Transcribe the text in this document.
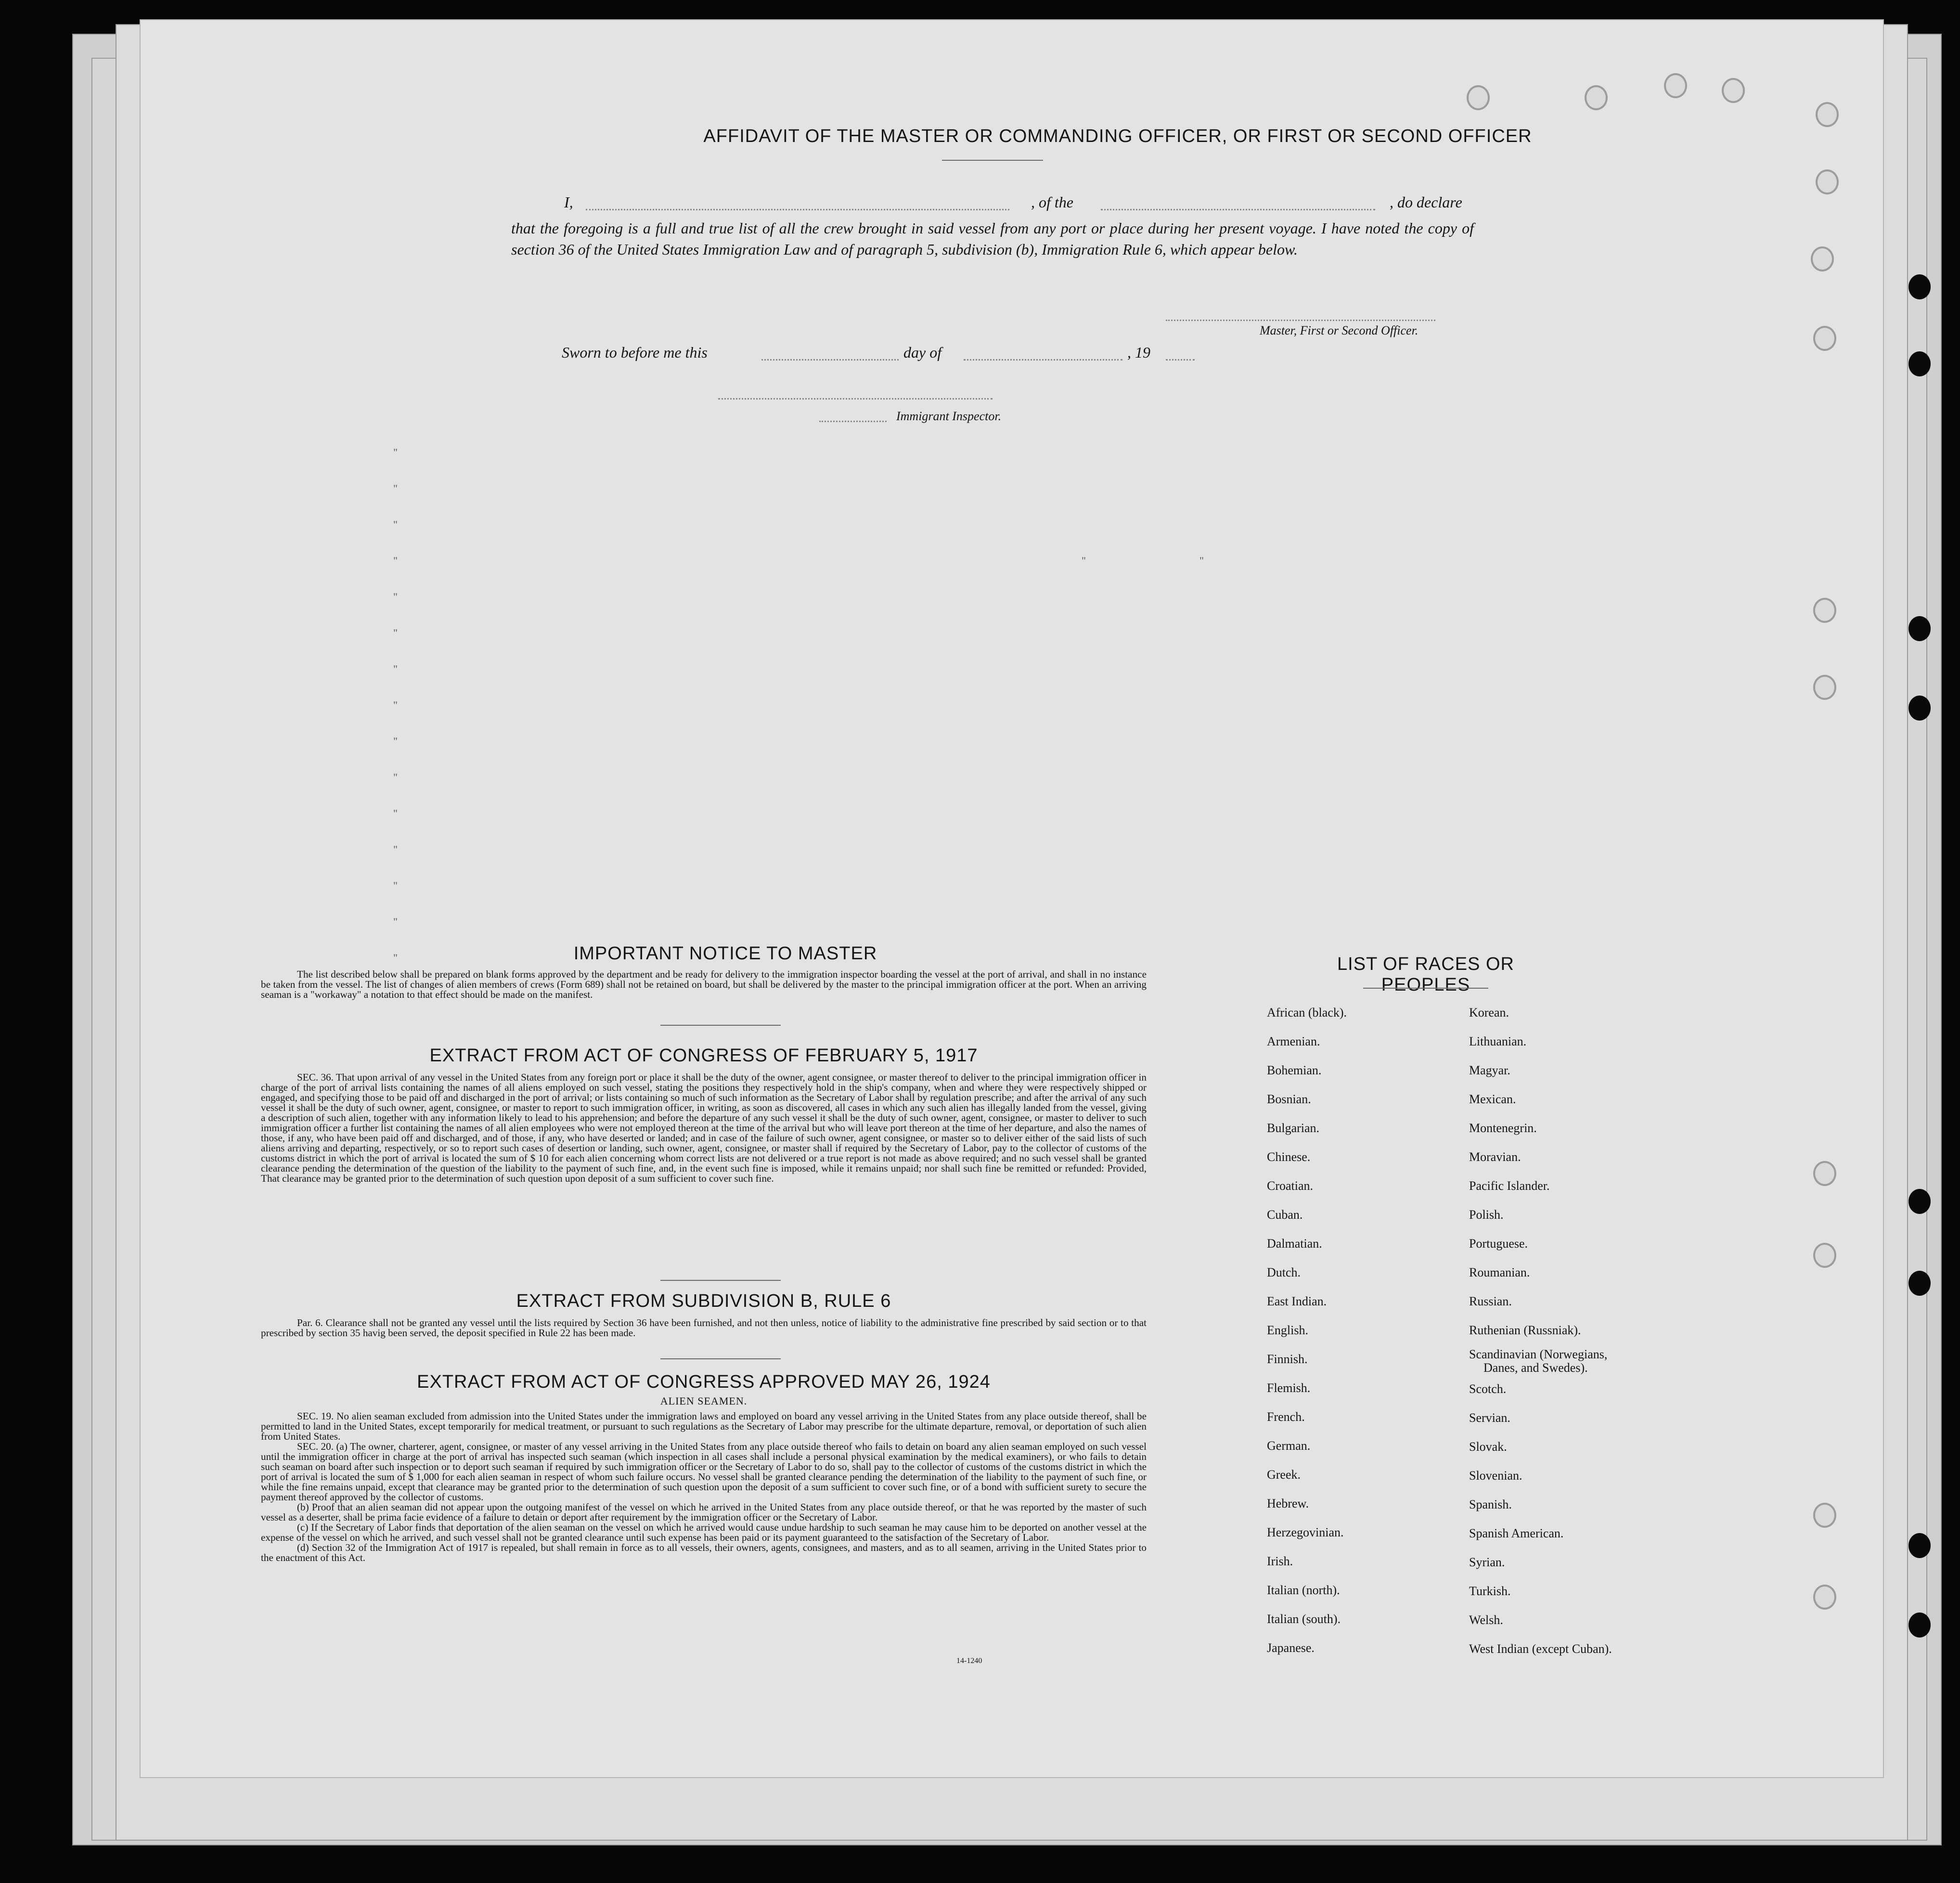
AFFIDAVIT OF THE MASTER OR COMMANDING OFFICER, OR FIRST OR SECOND OFFICER
I,	, of the	, do declare
that the foregoing is a full and true list of all the crew brought in said vessel from any port or place during her present voyage. I have noted the copy of section 36 of the United States Immigration Law and of paragraph 5, subdivision (b), Immigration Rule 6, which appear below.
Master, First or Second Officer.
Sworn to before me this	day of	, 19
Immigrant Inspector.
"
"
"
"
"
"
"
"
"
"
"
"
"
"
"
"	"
IMPORTANT NOTICE TO MASTER

The list described below shall be prepared on blank forms approved by the department and be ready for delivery to the immigration inspector boarding the vessel at the port of arrival, and shall in no instance be taken from the vessel. The list of changes of alien members of crews (Form 689) shall not be retained on board, but shall be delivered by the master to the principal immigration officer at the port. When an arriving seaman is a "workaway" a notation to that effect should be made on the manifest.

EXTRACT FROM ACT OF CONGRESS OF FEBRUARY 5, 1917

SEC. 36. That upon arrival of any vessel in the United States from any foreign port or place it shall be the duty of the owner, agent consignee, or master thereof to deliver to the principal immigration officer in charge of the port of arrival lists containing the names of all aliens employed on such vessel, stating the positions they respectively hold in the ship's company, when and where they were respectively shipped or engaged, and specifying those to be paid off and discharged in the port of arrival; or lists containing so much of such information as the Secretary of Labor shall by regulation prescribe; and after the arrival of any such vessel it shall be the duty of such owner, agent, consignee, or master to report to such immigration officer, in writing, as soon as discovered, all cases in which any such alien has illegally landed from the vessel, giving a description of such alien, together with any information likely to lead to his apprehension; and before the departure of any such vessel it shall be the duty of such owner, agent, consignee, or master to deliver to such immigration officer a further list containing the names of all alien employees who were not employed thereon at the time of the arrival but who will leave port thereon at the time of her departure, and also the names of those, if any, who have been paid off and discharged, and of those, if any, who have deserted or landed; and in case of the failure of such owner, agent consignee, or master so to deliver either of the said lists of such aliens arriving and departing, respectively, or so to report such cases of desertion or landing, such owner, agent, consignee, or master shall if required by the Secretary of Labor, pay to the collector of customs of the customs district in which the port of arrival is located the sum of $ 10 for each alien concerning whom correct lists are not delivered or a true report is not made as above required; and no such vessel shall be granted clearance pending the determination of the question of the liability to the payment of such fine, and, in the event such fine is imposed, while it remains unpaid; nor shall such fine be remitted or refunded: Provided, That clearance may be granted prior to the determination of such question upon deposit of a sum sufficient to cover such fine.

EXTRACT FROM SUBDIVISION B, RULE 6

Par. 6. Clearance shall not be granted any vessel until the lists required by Section 36 have been furnished, and not then unless, notice of liability to the administrative fine prescribed by said section or to that prescribed by section 35 havig been served, the deposit specified in Rule 22 has been made.

EXTRACT FROM ACT OF CONGRESS APPROVED MAY 26, 1924
ALIEN SEAMEN.

SEC. 19. No alien seaman excluded from admission into the United States under the immigration laws and employed on board any vessel arriving in the United States from any place outside thereof, shall be permitted to land in the United States, except temporarily for medical treatment, or pursuant to such regulations as the Secretary of Labor may prescribe for the ultimate departure, removal, or deportation of such alien from United States.

SEC. 20. (a) The owner, charterer, agent, consignee, or master of any vessel arriving in the United States from any place outside thereof who fails to detain on board any alien seaman employed on such vessel until the immigration officer in charge at the port of arrival has inspected such seaman (which inspection in all cases shall include a personal physical examination by the medical examiners), or who fails to detain such seaman on board after such inspection or to deport such seaman if required by such immigration officer or the Secretary of Labor to do so, shall pay to the collector of customs of the customs district in which the port of arrival is located the sum of $ 1,000 for each alien seaman in respect of whom such failure occurs. No vessel shall be granted clearance pending the determination of the liability to the payment of such fine, or while the fine remains unpaid, except that clearance may be granted prior to the determination of such question upon the deposit of a sum sufficient to cover such fine, or of a bond with sufficient surety to secure the payment thereof approved by the collector of customs.

(b) Proof that an alien seaman did not appear upon the outgoing manifest of the vessel on which he arrived in the United States from any place outside thereof, or that he was reported by the master of such vessel as a deserter, shall be prima facie evidence of a failure to detain or deport after requirement by the immigration officer or the Secretary of Labor.

(c) If the Secretary of Labor finds that deportation of the alien seaman on the vessel on which he arrived would cause undue hardship to such seaman he may cause him to be deported on another vessel at the expense of the vessel on which he arrived, and such vessel shall not be granted clearance until such expense has been paid or its payment guaranteed to the satisfaction of the Secretary of Labor.

(d) Section 32 of the Immigration Act of 1917 is repealed, but shall remain in force as to all vessels, their owners, agents, consignees, and masters, and as to all seamen, arriving in the United States prior to the enactment of this Act.

14-1240
LIST OF RACES OR PEOPLES
African (black).
Armenian.
Bohemian.
Bosnian.
Bulgarian.
Chinese.
Croatian.
Cuban.
Dalmatian.
Dutch.
East Indian.
English.
Finnish.
Flemish.
French.
German.
Greek.
Hebrew.
Herzegovinian.
Irish.
Italian (north).
Italian (south).
Japanese.
Korean.
Lithuanian.
Magyar.
Mexican.
Montenegrin.
Moravian.
Pacific Islander.
Polish.
Portuguese.
Roumanian.
Russian.
Ruthenian (Russniak).
Scandinavian (Norwegians,
Danes, and Swedes).
Scotch.
Servian.
Slovak.
Slovenian.
Spanish.
Spanish American.
Syrian.
Turkish.
Welsh.
West Indian (except Cuban).
